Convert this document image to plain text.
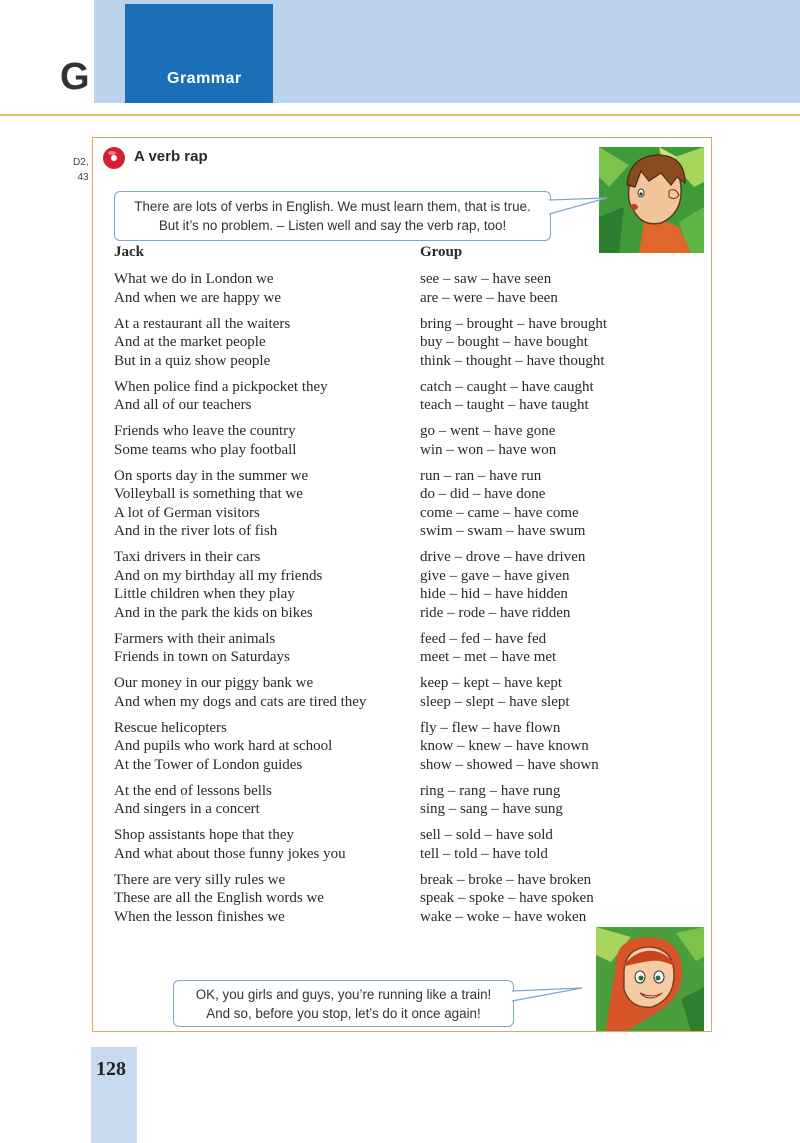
G	Grammar
D2,
43
A verb rap
There are lots of verbs in English. We must learn them, that is true.
But it’s no problem. – Listen well and say the verb rap, too!
Jack	Group
What we do in London we
And when we are happy we
At a restaurant all the waiters
And at the market people
But in a quiz show people
When police find a pickpocket they
And all of our teachers
Friends who leave the country
Some teams who play football
On sports day in the summer we
Volleyball is something that we
A lot of German visitors
And in the river lots of fish
Taxi drivers in their cars
And on my birthday all my friends
Little children when they play
And in the park the kids on bikes
Farmers with their animals
Friends in town on Saturdays
Our money in our piggy bank we
And when my dogs and cats are tired they
Rescue helicopters
And pupils who work hard at school
At the Tower of London guides
At the end of lessons bells
And singers in a concert
Shop assistants hope that they
And what about those funny jokes you
There are very silly rules we
These are all the English words we
When the lesson finishes we
see – saw – have seen
are – were – have been
bring – brought – have brought
buy – bought – have bought
think – thought – have thought
catch – caught – have caught
teach – taught – have taught
go – went – have gone
win – won – have won
run – ran – have run
do – did – have done
come – came – have come
swim – swam – have swum
drive – drove – have driven
give – gave – have given
hide – hid – have hidden
ride – rode – have ridden
feed – fed – have fed
meet – met – have met
keep – kept – have kept
sleep – slept – have slept
fly – flew – have flown
know – knew – have known
show – showed – have shown
ring – rang – have rung
sing – sang – have sung
sell – sold – have sold
tell – told – have told
break – broke – have broken
speak – spoke – have spoken
wake – woke – have woken
OK, you girls and guys, you’re running like a train!
And so, before you stop, let’s do it once again!
128
